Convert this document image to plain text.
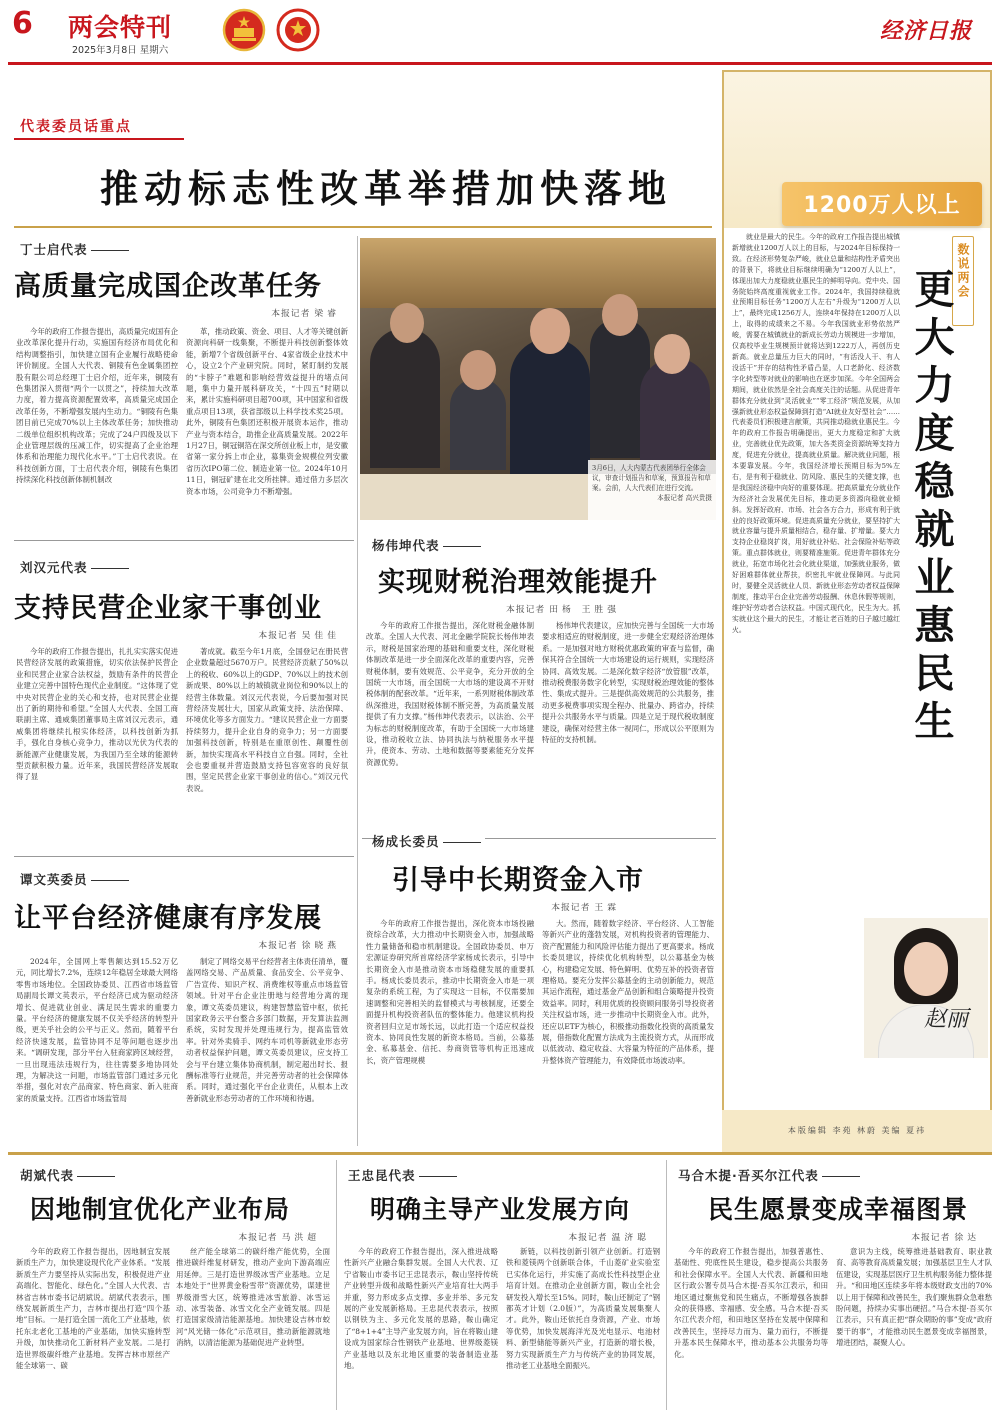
6 两会特刊
2025年3月8日 星期六
经济日报
代表委员话重点
推动标志性改革举措加快落地
丁士启代表
高质量完成国企改革任务
本报记者 梁睿
今年的政府工作报告提出，高质量完成国有企业改革深化提升行动，实施国有经济布局优化和结构调整指引，加快建立国有企业履行战略使命评价制度。全国人大代表、铜陵有色金属集团控股有限公司总经理丁士启介绍，近年来，铜陵有色集团深入贯彻“两个一以贯之”，持续加大改革力度，着力提高资源配置效率，高质量完成国企改革任务，不断增强发展内生动力。“铜陵有色集团目前已完成70%以上主体改革任务；加快推动二级单位组织机构改革；完成了24户四级及以下企业管理层级的压减工作，切实提高了企业治理体系和治理能力现代化水平。”丁士启代表说。在科技创新方面，丁士启代表介绍，铜陵有色集团持续深化科技创新体制机制改
革，推动政策、资金、项目、人才等关键创新资源向科研一线集聚，不断提升科技创新整体效能，新增7个省级创新平台、4家省级企业技术中心，设立2个产业研究院。同时，紧盯制约发展的“卡脖子”难题和影响经营效益提升的堵点问题，集中力量开展科研攻关，“十四五”时期以来，累计实施科研项目超700项，其中国家和省级重点项目13项，获省部级以上科学技术奖25项。此外，铜陵有色集团还积极开展资本运作，推动产业与资本结合，助推企业高质量发展。2022年1月27日，铜冠铜箔在深交所创业板上市，是安徽省第一家分拆上市企业，募集资金规模位列安徽省历次IPO第二位、制造业第一位。2024年10月11日，铜冠矿建在北交所挂牌。通过借力多层次资本市场，公司竞争力不断增强。
3月6日，人大内蒙古代表团举行全体会议，审查计划报告和草案，预算报告和草案。会前，人大代表们在进行交流。
本报记者 高兴贵摄
刘汉元代表
支持民营企业家干事创业
本报记者 吴佳佳
今年的政府工作报告提出，扎扎实实落实促进民营经济发展的政策措施，切实依法保护民营企业和民营企业家合法权益，鼓励有条件的民营企业建立完善中国特色现代企业制度。“这体现了党中央对民营企业的关心和支持，也对民营企业提出了新的期待和希望。”全国人大代表、全国工商联副主席、通威集团董事局主席刘汉元表示，通威集团将继续扎根实体经济，以科技创新为抓手，强化自身核心竞争力，推动以光伏为代表的新能源产业健康发展，为我国乃至全球的能源转型贡献积极力量。近年来，我国民营经济发展取得了显
著成就。截至今年1月底，全国登记在册民营企业数量超过5670万户。民营经济贡献了50%以上的税收、60%以上的GDP、70%以上的技术创新成果、80%以上的城镇就业岗位和90%以上的经营主体数量。刘汉元代表说，今后要加强对民营经济发展壮大，国家从政策支持、法治保障、环境优化等多方面发力。“建议民营企业一方面要持续努力，提升企业自身的竞争力；另一方面要加强科技创新，特别是在重原创性、颠覆性创新，加快实现高水平科技自立自强。同时，全社会也要重视并营造鼓励支持包容宽容的良好氛围，坚定民营企业家干事创业的信心。”刘汉元代表说。
谭文英委员
让平台经济健康有序发展
本报记者 徐晓燕
2024年，全国网上零售额达到15.52万亿元，同比增长7.2%，连续12年稳居全球最大网络零售市场地位。全国政协委员、江西省市场监管局副局长谭文英表示，平台经济已成为驱动经济增长、促进就业创业、满足民生需求的重要力量。平台经济的健康发展不仅关乎经济的转型升级，更关乎社会的公平与正义。然而，随着平台经济快速发展，监管协同不足等问题也逐步出来。“调研发现，部分平台入驻商家跨区域经营，一旦出现违法违规行为，往往需要多地协同处理，为解决这一问题，市场监管部门通过多元化举措，强化对农产品商家、特色商家、新入驻商家的质量支持。江西省市场监管局
制定了网络交易平台经营者主体责任清单，覆盖网络交易、产品质量、食品安全、公平竞争、广告宣传、知识产权、消费维权等重点市场监管领域。针对平台企业注册地与经营地分离的现象，谭文英委员建议，构建智慧监管中枢，依托国家政务云平台整合多部门数据，开发算法监测系统，实时发现并处理违规行为，提高监管效率。针对外卖骑手、网约车司机等新就业形态劳动者权益保护问题，谭文英委员建议，应支持工会与平台建立集体协商机制，制定超出时长、报酬标准等行业规范，并完善劳动者的社会保障体系。同时，通过强化平台企业责任，从根本上改善新就业形态劳动者的工作环境和待遇。
杨伟坤代表
实现财税治理效能提升
本报记者 田杨 王胜强
今年的政府工作报告提出，深化财税金融体制改革。全国人大代表、河北金融学院院长杨伟坤表示，财税是国家治理的基础和重要支柱，深化财税体制改革是进一步全面深化改革的重要内容，完善财税体制，要有效规范、公平竞争，充分开放的全国统一大市场，而全国统一大市场的建设离不开财税体制的配套改革。“近年来，一系列财税体制改革纵深推进，我国财税体制不断完善，为高质量发展提供了有力支撑。”杨伟坤代表表示，以法治、公平为标志的财税制度改革，有助于全国统一大市场建设，推动税收立法、协同执法与纳税服务水平提升，使资本、劳动、土地和数据等要素能充分发挥资源优势。
杨伟坤代表建议，应加快完善与全国统一大市场要求相适应的财税制度，进一步健全宏观经济治理体系。一是加强对地方财税优惠政策的审查与监督，确保其符合全国统一大市场建设的运行规则，实现经济协同、高效发展。二是深化数字经济“放管服”改革，推动税费服务数字化转型，实现财税治理效能的整体性、集成式提升。三是提供高效规范的公共服务，推动更多税费事项实现全程办、批量办、跨省办，持续提升公共服务水平与质量。四是立足于现代税收制度建设，确保对经营主体一视同仁，形成以公平原则为特征的支持机制。
杨成长委员
引导中长期资金入市
本报记者 王霖
今年的政府工作报告提出，深化资本市场投融资综合改革，大力推动中长期资金入市，加强战略性力量储备和稳市机制建设。全国政协委员、申万宏源证券研究所首席经济学家杨成长表示，引导中长期资金入市是推动资本市场稳健发展的重要抓手。杨成长委员表示，推动中长期资金入市是一项复杂的系统工程，为了实现这一目标，不仅需要加速调整和完善相关的监督模式与考核制度，还要全面提升机构投资者队伍的整体能力。他建议机构投资者回归立足市场长远，以此打造一个适应权益投资本、协同良性发展的新资本格局。当前，公募基金、私募基金、信托、券商资管等机构正迅速成长，资产管理规模
大。然而，随着数字经济、平台经济、人工智能等新兴产业的蓬勃发展，对机构投资者的管理能力、资产配置能力和风险评估能力提出了更高要求。杨成长委员建议，持续优化机构转型，以公募基金为核心，构建稳定发展、特色鲜明、优势互补的投资者管理格局。要充分发挥公募基金的主动创新能力，规范其运作流程，通过基金产品创新和组合策略提升投资效益率。同时，利用优质的投资顾问服务引导投资者关注权益市场，进一步推动中长期资金入市。此外，还应以ETF为核心，积极推动指数化投资的高质量发展，借指数化配置方法成为主流投资方式，从而形成以低波动、稳定收益、大容量为特征的产品体系，提升整体资产管理能力，有效降低市场波动率。
1200万人以上
就业是最大的民生。今年的政府工作报告提出城镇新增就业1200万人以上的目标，与2024年目标保持一致。在经济形势复杂严峻，就业总量和结构性矛盾突出的背景下，将就业目标继续明确为“1200万人以上”，体现出加大力度稳就业惠民生的鲜明导向。党中央、国务院始终高度重视就业工作。2024年，我国持续稳就业预期目标任务“1200万人左右”升级为“1200万人以上”，最终完成1256万人，连续4年保持在1200万人以上，取得的成绩来之不易。今年我国就业形势依然严峻，需要在城镇就业的新成长劳动力规模进一步增加，仅高校毕业生规模预计就将达到1222万人，再创历史新高。就业总量压力巨大的同时，“有活没人干、有人没活干”并存的结构性矛盾凸显，人口老龄化、经济数字化转型等对就业的影响也在逐步加深。今年全国两会期间，就业依然是全社会高度关注的话题。从促进青年群体充分就业到“灵活就业”“零工经济”规范发展，从加强新就业形态权益保障到打造“AI就业友好型社会”……代表委员们积极建言献策，共同推动稳就业惠民生。今年的政府工作报告明确提出，更大力度稳定和扩大就业，完善就业优先政策，加大各类资金资源统筹支持力度，促进充分就业，提高就业质量。解决就业问题，根本要靠发展。今年，我国经济增长预期目标为5%左右，是有利于稳就业、防风险、惠民生的关键支撑，也是我国经济稳中向好的重要体现。把高质量充分就业作为经济社会发展优先目标，推动更多资源向稳就业倾斜。发挥好政府、市场、社会各方合力，形成有利于就业的良好政策环境。促进高质量充分就业，要坚持扩大就业容量与提升质量相结合，稳存量、扩增量。要大力支持企业稳岗扩岗，用好就业补贴、社会保险补贴等政策。重点群体就业，则要精准施策。促进青年群体充分就业，拓宽市场化社会化就业渠道，加强就业服务，做好困难群体就业帮扶，织密扎牢就业保障网。与此同时，要健全灵活就业人员、新就业形态劳动者权益保障制度，推动平台企业完善劳动报酬、休息休假等规则，维护好劳动者合法权益。中国式现代化，民生为大。抓实就业这个最大的民生，才能让老百姓的日子越过越红火。
数说两会
更大力度稳就业惠民生
赵丽
本版编辑 李苑 林蔚 美编 夏祎
胡斌代表
因地制宜优化产业布局
本报记者 马洪超
今年的政府工作报告提出，因地制宜发展新质生产力，加快建设现代化产业体系。“发展新质生产力要坚持从实际出发，积极促进产业高端化、智能化、绿色化。”全国人大代表、吉林省吉林市委书记胡斌说。胡斌代表表示，围绕发展新质生产力，吉林市提出打造“四个基地”目标。一是打造全国一流化工产业基地，依托东北老化工基地的产业基础，加快实施转型升级，加快推动化工新材料产业发展。二是打造世界级碳纤维产业基地。发挥吉林市原丝产能全球第一、碳
丝产能全球第二的碳纤维产能优势，全面推进碳纤维复材研发，推动产业向下游高端应用延伸。三是打造世界级冰雪产业基地。立足本地处于“世界黄金粉雪带”资源优势，谋建世界级滑雪大区，统筹推进冰雪旅游、冰雪运动、冰雪装备、冰雪文化全产业链发展。四是打造国家级清洁能源基地。加快建设吉林市蛟河“风光储一体化”示范项目，推动新能源就地消纳，以清洁能源为基础促进产业转型。
王忠昆代表
明确主导产业发展方向
本报记者 温济聪
今年的政府工作报告提出，深入推进战略性新兴产业融合集群发展。全国人大代表、辽宁省鞍山市委书记王忠昆表示，鞍山坚持传统产业转型升级和战略性新兴产业培育壮大两手并重，努力形成多点支撑、多业并举、多元发展的产业发展新格局。王忠昆代表表示，按照以钢铁为主、多元化发展的思路，鞍山确定了“8+1+4”主导产业发展方向，旨在将鞍山建设成为国家综合性钢铁产业基地、世界级菱镁产业基地以及东北地区重要的装备制造业基地。
新链，以科技创新引领产业创新。打造钢铁和菱镁两个创新联合体，千山菱矿业实验室已实体化运行，并实施了高成长性科技型企业培育计划。在推动企业创新方面，鞍山全社会研发投入增长至15%。同时，鞍山还制定了“钢都英才计划（2.0版）”，为高质量发展集聚人才。此外，鞍山还依托自身资源，产业、市场等优势，加快发展海洋光及光电显示、电池材料、新型储能等新兴产业，打造新的增长极，努力实现新质生产力与传统产业的协同发展，推动老工业基地全面振兴。
马合木提·吾买尔江代表
民生愿景变成幸福图景
本报记者 徐达
今年的政府工作报告提出，加强普惠性、基础性、兜底性民生建设，稳步提高公共服务和社会保障水平。全国人大代表、新疆和田地区行政公署专员马合木提·吾买尔江表示，和田地区通过聚焦党和民生痛点，不断增强各族群众的获得感、幸福感、安全感。马合木提·吾买尔江代表介绍，和田地区坚持在发展中保障和改善民生，坚持尽力而为、量力而行，不断提升基本民生保障水平，推动基本公共服务均等化。
意识为主线，统筹推进基础教育、职业教育、高等教育高质量发展；加强基层卫生人才队伍建设，实现基层医疗卫生机构服务能力整体提升。“和田地区连续多年将本级财政支出的70%以上用于保障和改善民生，我们聚焦群众急难愁盼问题，持续办实事出硬招。”马合木提·吾买尔江表示，只有真正把“群众期盼的事”变成“政府要干的事”，才能推动民生愿景变成幸福图景，增进团结，凝聚人心。
